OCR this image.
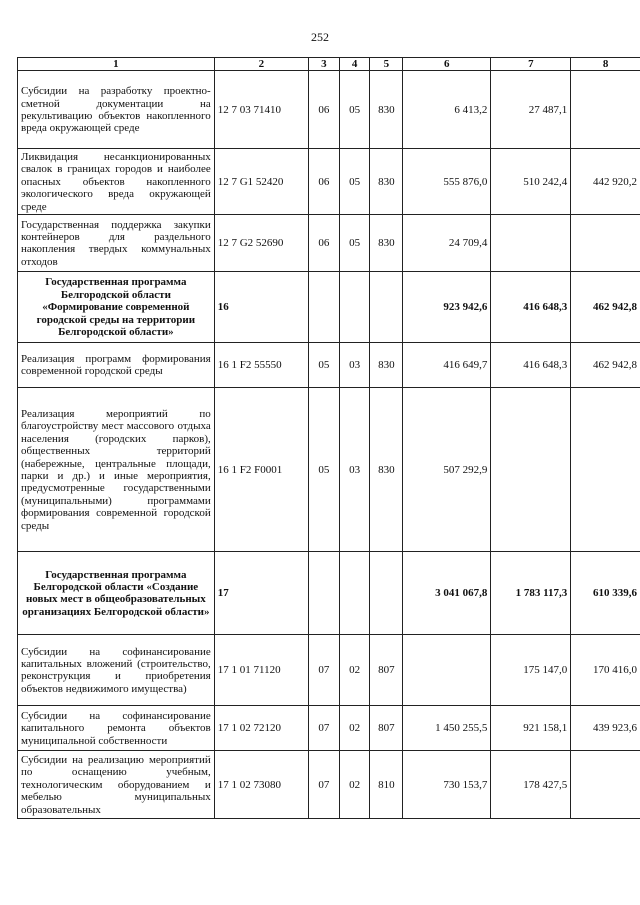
252
1	2	3	4	5	6	7	8
Субсидии на разработку проектно-сметной документации на рекультивацию объектов накопленного вреда окружающей среде	12 7 03 71410	06	05	830	6 413,2	27 487,1	
Ликвидация несанкционированных свалок в границах городов и наиболее опасных объектов накопленного экологического вреда окружающей среде	12 7 G1 52420	06	05	830	555 876,0	510 242,4	442 920,2
Государственная поддержка закупки контейнеров для раздельного накопления твердых коммунальных отходов	12 7 G2 52690	06	05	830	24 709,4		
Государственная программа Белгородской области «Формирование современной городской среды на территории Белгородской области»	16				923 942,6	416 648,3	462 942,8
Реализация программ формирования современной городской среды	16 1 F2 55550	05	03	830	416 649,7	416 648,3	462 942,8
Реализация мероприятий по благоустройству мест массового отдыха населения (городских парков), общественных территорий (набережные, центральные площади, парки и др.) и иные мероприятия, предусмотренные государственными (муниципальными) программами формирования современной городской среды	16 1 F2 F0001	05	03	830	507 292,9		
Государственная программа Белгородской области «Создание новых мест в общеобразовательных организациях Белгородской области»	17				3 041 067,8	1 783 117,3	610 339,6
Субсидии на софинансирование капитальных вложений (строительство, реконструкция и приобретения объектов недвижимого имущества)	17 1 01 71120	07	02	807		175 147,0	170 416,0
Субсидии на софинансирование капитального ремонта объектов муниципальной собственности	17 1 02 72120	07	02	807	1 450 255,5	921 158,1	439 923,6
Субсидии на реализацию мероприятий по оснащению учебным, технологическим оборудованием и мебелью муниципальных образовательных	17 1 02 73080	07	02	810	730 153,7	178 427,5	
